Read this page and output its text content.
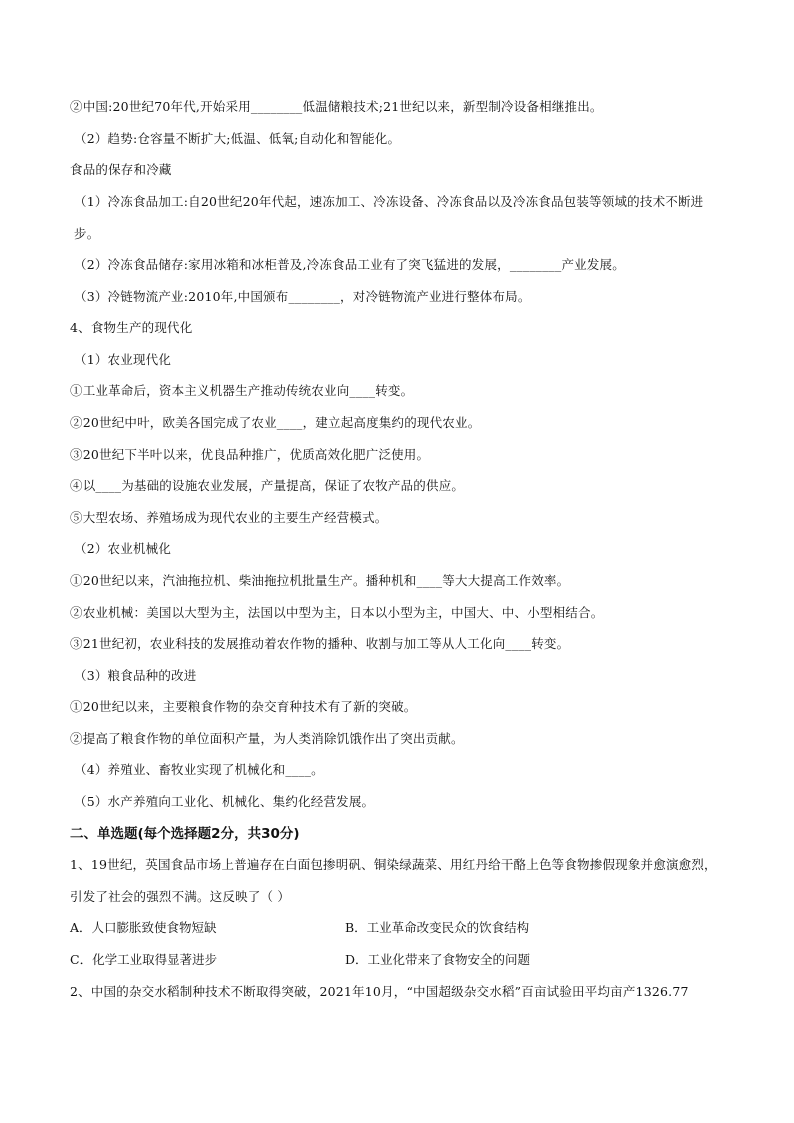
②中国:20世纪70年代,开始采用________低温储粮技术;21世纪以来，新型制冷设备相继推出。
（2）趋势:仓容量不断扩大;低温、低氧;自动化和智能化。
食品的保存和冷藏
（1）冷冻食品加工:自20世纪20年代起，速冻加工、冷冻设备、冷冻食品以及冷冻食品包装等领域的技术不断进步。
（2）冷冻食品储存:家用冰箱和冰柜普及,冷冻食品工业有了突飞猛进的发展，________产业发展。
（3）冷链物流产业:2010年,中国颁布________，对冷链物流产业进行整体布局。
4、食物生产的现代化
（1）农业现代化
①工业革命后，资本主义机器生产推动传统农业向____转变。
②20世纪中叶，欧美各国完成了农业____，建立起高度集约的现代农业。
③20世纪下半叶以来，优良品种推广，优质高效化肥广泛使用。
④以____为基础的设施农业发展，产量提高，保证了农牧产品的供应。
⑤大型农场、养殖场成为现代农业的主要生产经营模式。
（2）农业机械化
①20世纪以来，汽油拖拉机、柴油拖拉机批量生产。播种机和____等大大提高工作效率。
②农业机械：美国以大型为主，法国以中型为主，日本以小型为主，中国大、中、小型相结合。
③21世纪初，农业科技的发展推动着农作物的播种、收割与加工等从人工化向____转变。
（3）粮食品种的改进
①20世纪以来，主要粮食作物的杂交育种技术有了新的突破。
②提高了粮食作物的单位面积产量，为人类消除饥饿作出了突出贡献。
（4）养殖业、畜牧业实现了机械化和____。
（5）水产养殖向工业化、机械化、集约化经营发展。
二、单选题(每个选择题2分，共30分)
1、19世纪，英国食品市场上普遍存在白面包掺明矾、铜染绿蔬菜、用红丹给干酪上色等食物掺假现象并愈演愈烈，引发了社会的强烈不满。这反映了（ ）
A．人口膨胀致使食物短缺	B．工业革命改变民众的饮食结构
C．化学工业取得显著进步	D．工业化带来了食物安全的问题
2、中国的杂交水稻制种技术不断取得突破，2021年10月，“中国超级杂交水稻”百亩试验田平均亩产1326.77
